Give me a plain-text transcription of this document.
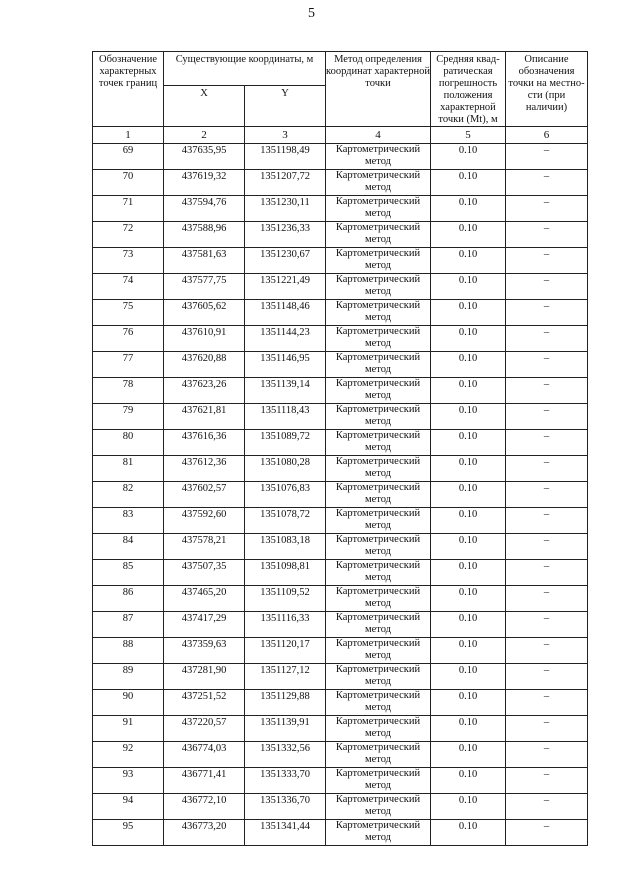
5
Обозначение характерных точек границ	Существующие координаты, м		Метод определения координат характерной точки	Средняя квад-ратическая погрешность положения характерной точки (Mt), м	Описание обозначения точки на местно-сти (при наличии)
	X	Y			
1	2	3	4	5	6
69	437635,95	1351198,49	Картометрический метод	0.10	–
70	437619,32	1351207,72	Картометрический метод	0.10	–
71	437594,76	1351230,11	Картометрический метод	0.10	–
72	437588,96	1351236,33	Картометрический метод	0.10	–
73	437581,63	1351230,67	Картометрический метод	0.10	–
74	437577,75	1351221,49	Картометрический метод	0.10	–
75	437605,62	1351148,46	Картометрический метод	0.10	–
76	437610,91	1351144,23	Картометрический метод	0.10	–
77	437620,88	1351146,95	Картометрический метод	0.10	–
78	437623,26	1351139,14	Картометрический метод	0.10	–
79	437621,81	1351118,43	Картометрический метод	0.10	–
80	437616,36	1351089,72	Картометрический метод	0.10	–
81	437612,36	1351080,28	Картометрический метод	0.10	–
82	437602,57	1351076,83	Картометрический метод	0.10	–
83	437592,60	1351078,72	Картометрический метод	0.10	–
84	437578,21	1351083,18	Картометрический метод	0.10	–
85	437507,35	1351098,81	Картометрический метод	0.10	–
86	437465,20	1351109,52	Картометрический метод	0.10	–
87	437417,29	1351116,33	Картометрический метод	0.10	–
88	437359,63	1351120,17	Картометрический метод	0.10	–
89	437281,90	1351127,12	Картометрический метод	0.10	–
90	437251,52	1351129,88	Картометрический метод	0.10	–
91	437220,57	1351139,91	Картометрический метод	0.10	–
92	436774,03	1351332,56	Картометрический метод	0.10	–
93	436771,41	1351333,70	Картометрический метод	0.10	–
94	436772,10	1351336,70	Картометрический метод	0.10	–
95	436773,20	1351341,44	Картометрический метод	0.10	–
